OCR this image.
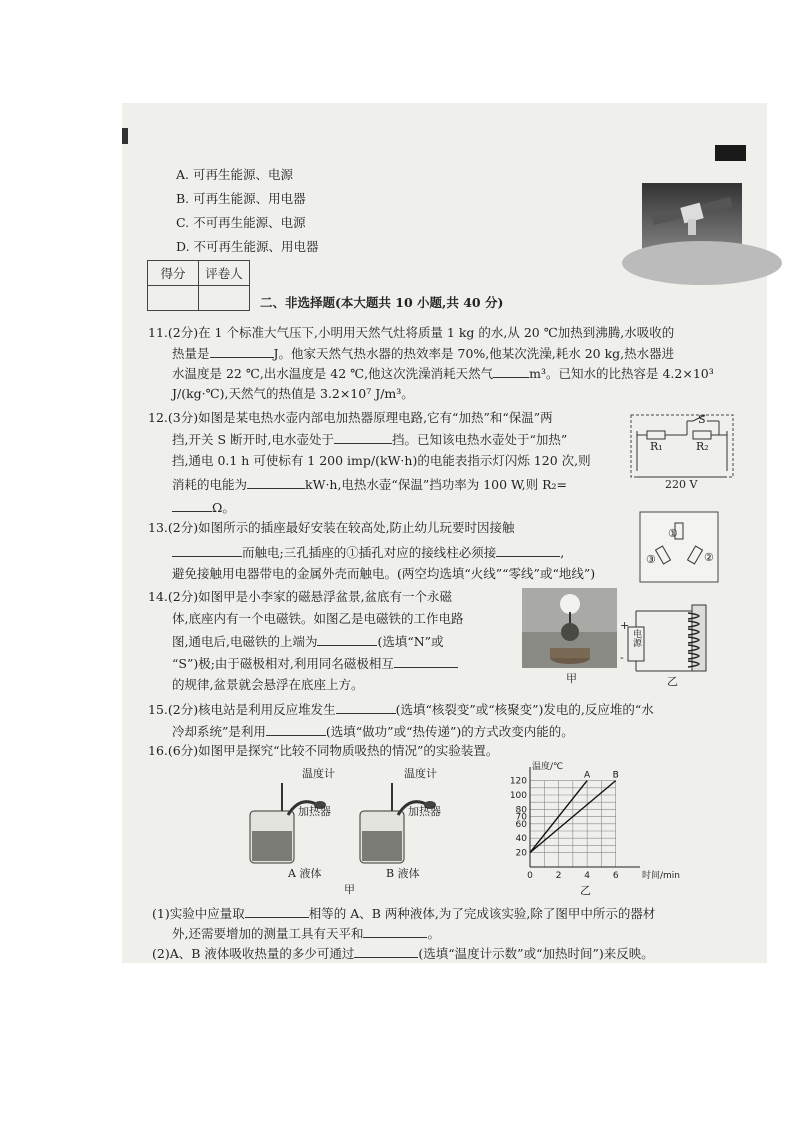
A. 可再生能源、电源
B. 可再生能源、用电器
C. 不可再生能源、电源
D. 不可再生能源、用电器
得分	评卷人

二、非选择题(本大题共 10 小题,共 40 分)
11.(2分)在 1 个标准大气压下,小明用天然气灶将质量 1 kg 的水,从 20 ℃加热到沸腾,水吸收的
热量是	J。他家天然气热水器的热效率是 70%,他某次洗澡,耗水 20 kg,热水器进
水温度是 22 ℃,出水温度是 42 ℃,他这次洗澡消耗天然气	m³。已知水的比热容是 4.2×10³
J/(kg·℃),天然气的热值是 3.2×10⁷ J/m³。
12.(3分)如图是某电热水壶内部电加热器原理电路,它有“加热”和“保温”两
挡,开关 S 断开时,电水壶处于	挡。已知该电热水壶处于“加热”
挡,通电 0.1 h 可使标有 1 200 imp/(kW·h)的电能表指示灯闪烁 120 次,则
消耗的电能为	kW·h,电热水壶“保温”挡功率为 100 W,则 R₂=
Ω。
S
R₁	R₂
220 V
13.(2分)如图所示的插座最好安装在较高处,防止幼儿玩要时因接触
而触电;三孔插座的①插孔对应的接线柱必须接	,
避免接触用电器带电的金属外壳而触电。(两空均选填“火线”“零线”或“地线”)
①
②
③
14.(2分)如图甲是小李家的磁悬浮盆景,盆底有一个永磁
体,底座内有一个电磁铁。如图乙是电磁铁的工作电路
图,通电后,电磁铁的上端为	(选填“N”或
“S”)极;由于磁极相对,利用同名磁极相互
的规律,盆景就会悬浮在底座上方。	甲
电源
+
-
乙
15.(2分)核电站是利用反应堆发生	(选填“核裂变”或“核聚变”)发电的,反应堆的“水
冷却系统”是利用	(选填“做功”或“热传递”)的方式改变内能的。
16.(6分)如图甲是探究“比较不同物质吸热的情况”的实验装置。
温度计	温度计
加热器	加热器
A 液体	B 液体
甲
0	2	4	6
20
40
60
70
80
100
120
温度/℃
时间/min
A B
乙
(1)实验中应量取	相等的 A、B 两种液体,为了完成该实验,除了图甲中所示的器材
外,还需要增加的测量工具有天平和	。
(2)A、B 液体吸收热量的多少可通过	(选填“温度计示数”或“加热时间”)来反映。
